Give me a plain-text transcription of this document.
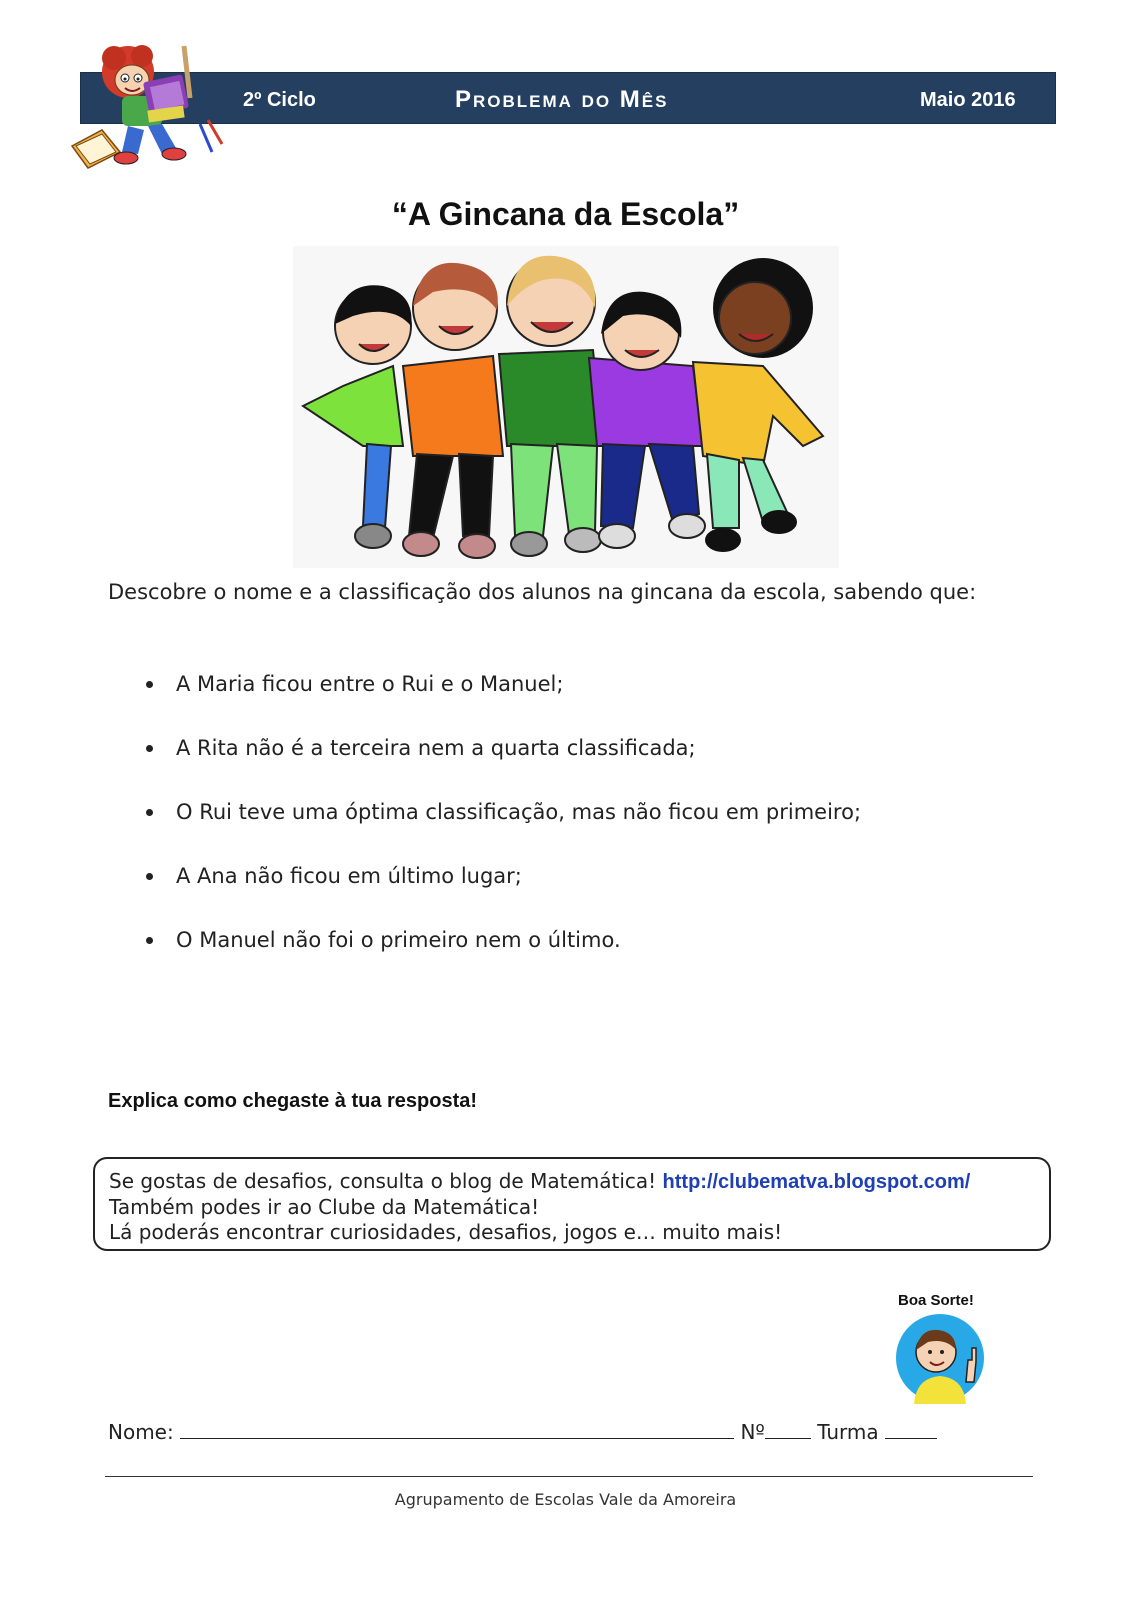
2º Ciclo	Problema do Mês	Maio 2016
“A Gincana da Escola”
Descobre o nome e a classificação dos alunos na gincana da escola, sabendo que:
A Maria ficou entre o Rui e o Manuel;
A Rita não é a terceira nem a quarta classificada;
O Rui teve uma óptima classificação, mas não ficou em primeiro;
A Ana não ficou em último lugar;
O Manuel não foi o primeiro nem o último.
Explica como chegaste à tua resposta!
Se gostas de desafios, consulta o blog de Matemática! http://clubematva.blogspot.com/
Também podes ir ao Clube da Matemática!
Lá poderás encontrar curiosidades, desafios, jogos e… muito mais!
Boa Sorte!
Nome:	Nº	Turma
Agrupamento de Escolas Vale da Amoreira
